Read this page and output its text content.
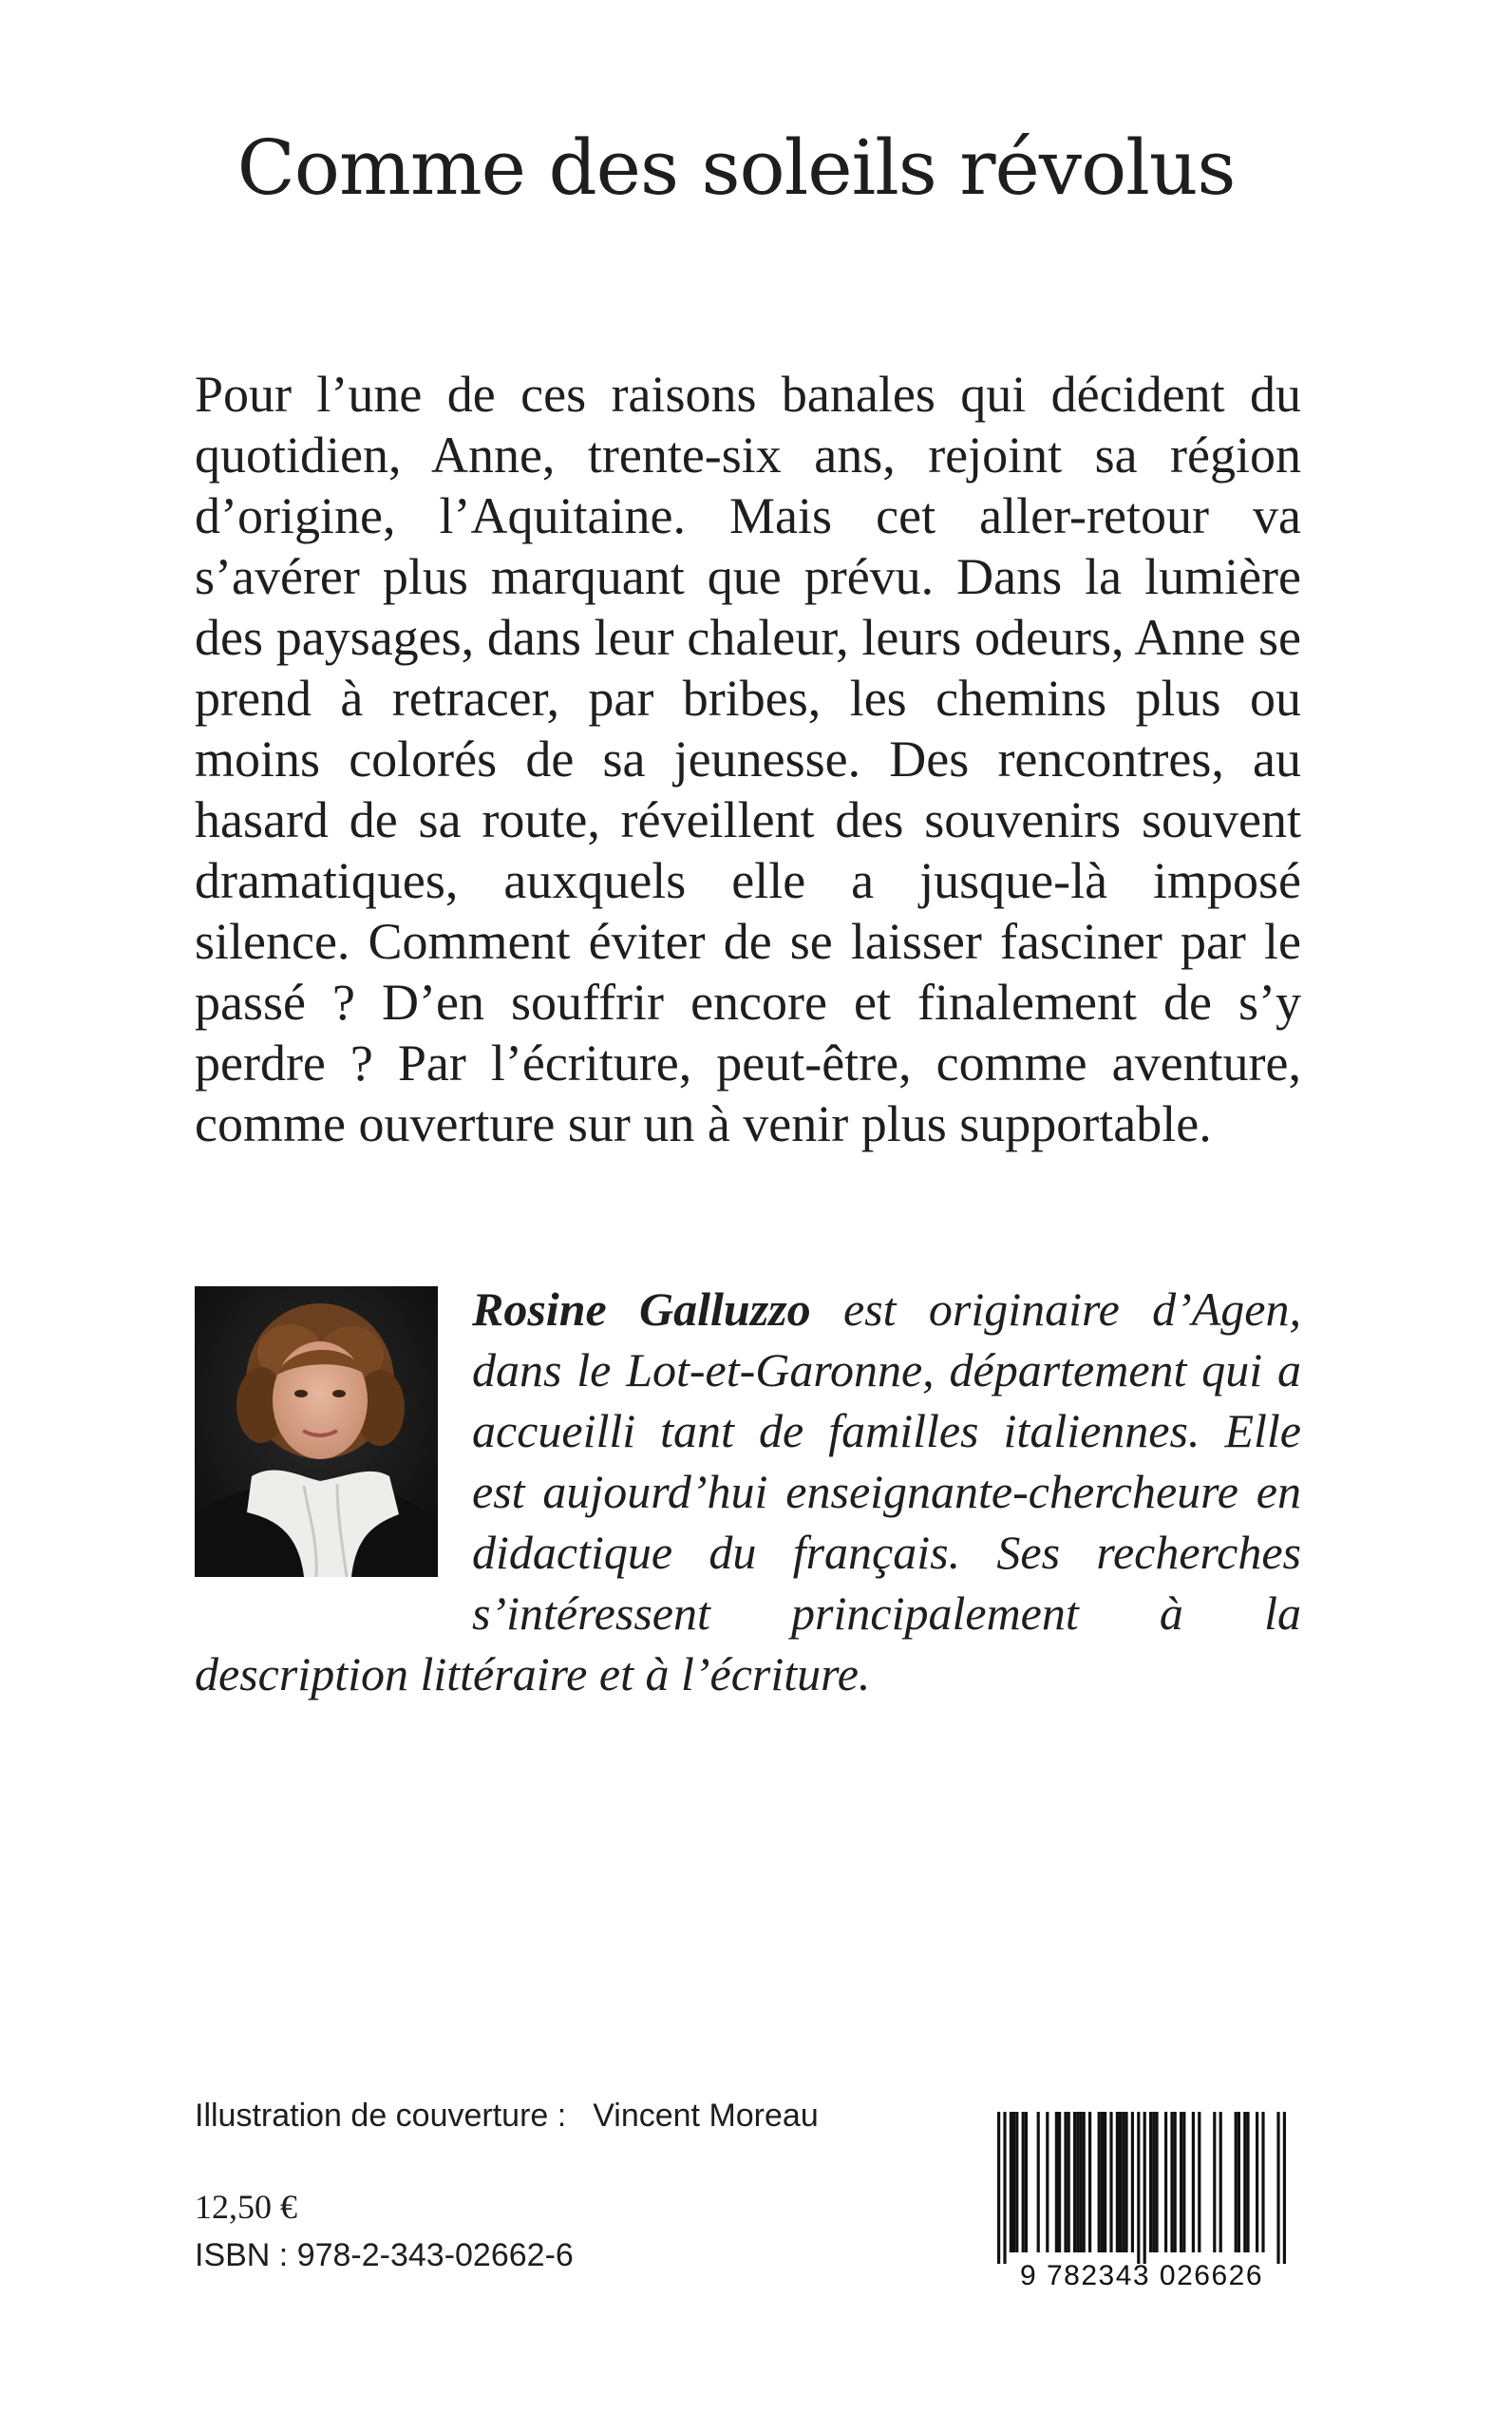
Comme des soleils révolus

Pour l’une de ces raisons banales qui décident du quotidien, Anne, trente-six ans, rejoint sa région d’origine, l’Aquitaine. Mais cet aller-retour va s’avérer plus marquant que prévu. Dans la lumière des paysages, dans leur chaleur, leurs odeurs, Anne se prend à retracer, par bribes, les chemins plus ou moins colorés de sa jeunesse. Des rencontres, au hasard de sa route, réveillent des souvenirs souvent dramatiques, auxquels elle a jusque-là imposé silence. Comment éviter de se laisser fasciner par le passé ? D’en souffrir encore et finalement de s’y perdre ? Par l’écriture, peut-être, comme aventure, comme ouverture sur un à venir plus supportable.

Rosine Galluzzo est originaire d’Agen, dans le Lot-et-Garonne, département qui a accueilli tant de familles italiennes. Elle est aujourd’hui enseignante-chercheure en didactique du français. Ses recherches s’intéressent principalement à la description littéraire et à l’écriture.

Illustration de couverture : Vincent Moreau

12,50 €

ISBN : 978-2-343-02662-6

9 782343 026626
